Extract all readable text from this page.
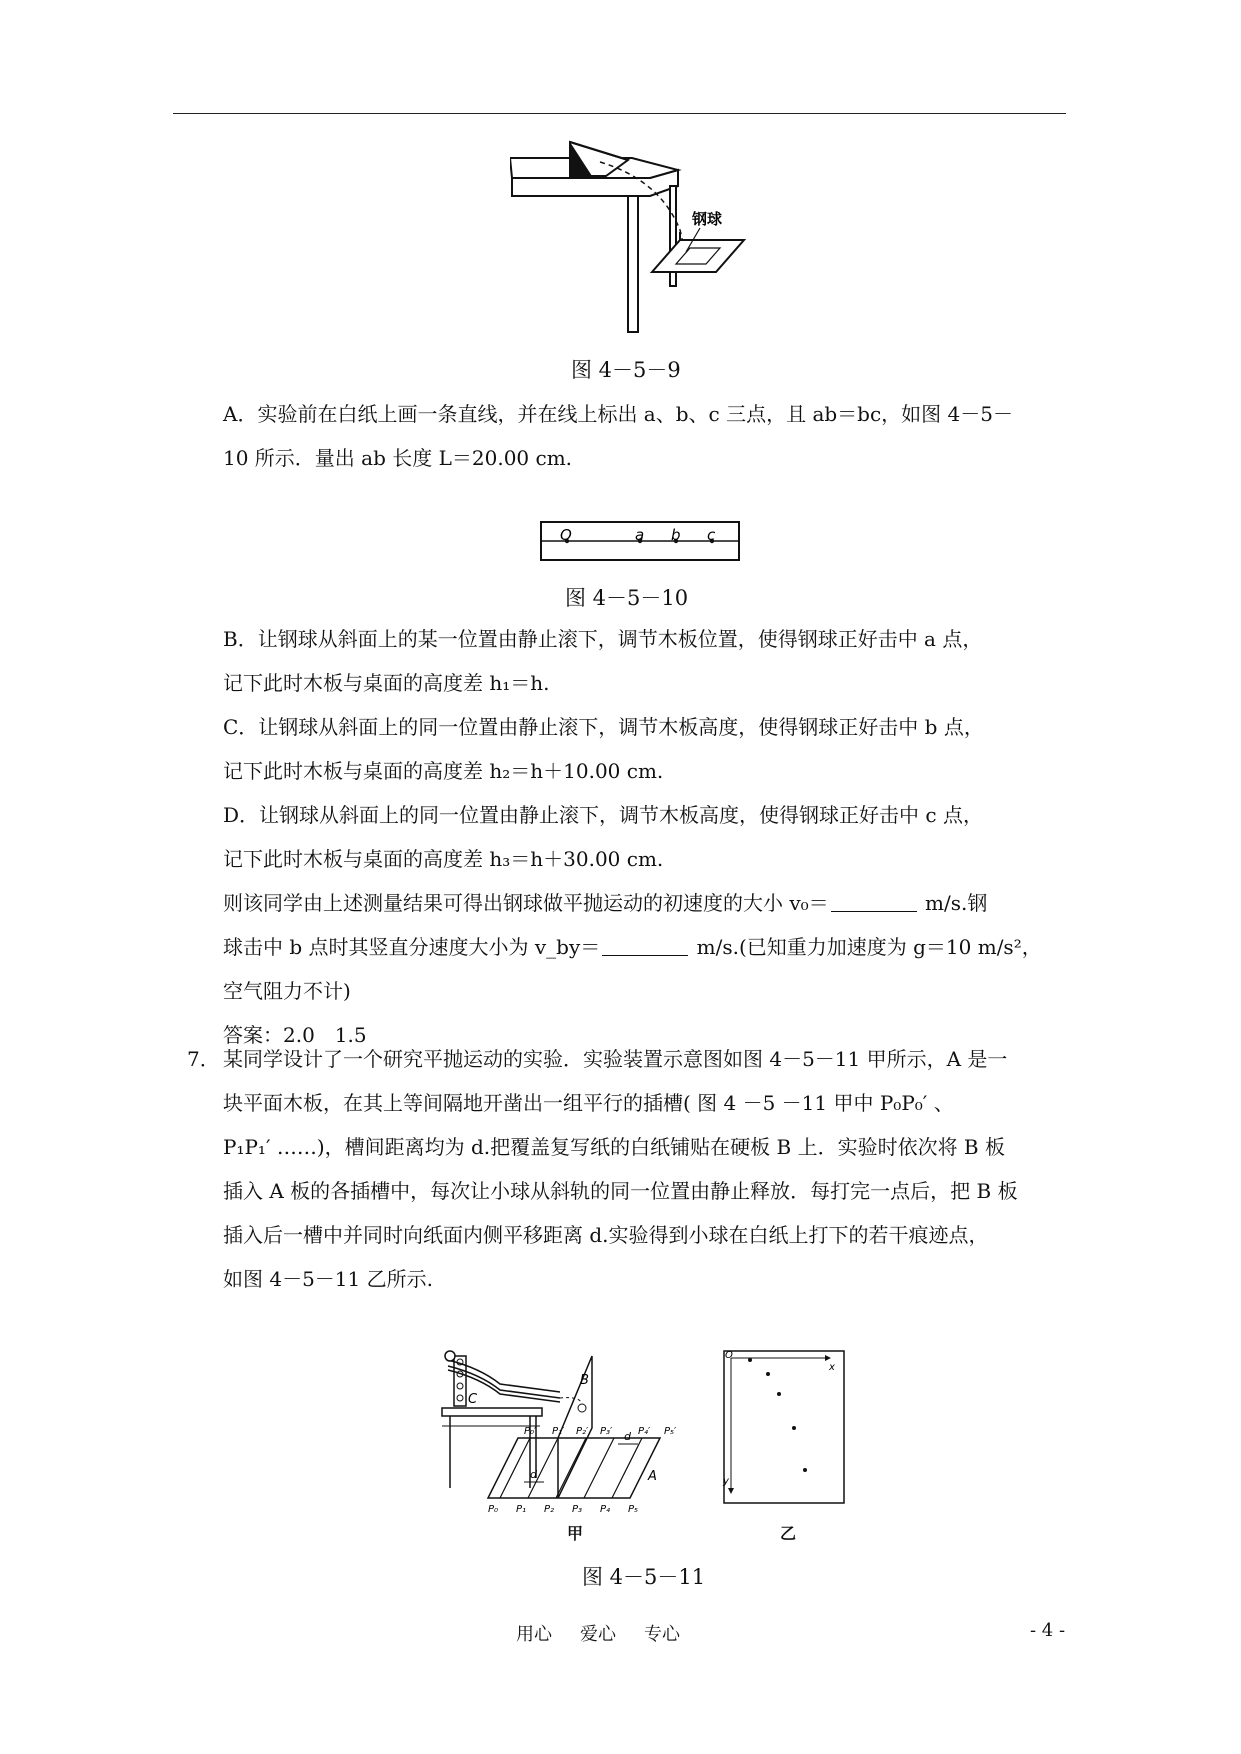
钢球
图 4－5－9
A．实验前在白纸上画一条直线，并在线上标出 a、b、c 三点，且 ab＝bc，如图 4－5－
10 所示．量出 ab 长度 L＝20.00 cm.
O	a b c
图 4－5－10
B．让钢球从斜面上的某一位置由静止滚下，调节木板位置，使得钢球正好击中 a 点，
记下此时木板与桌面的高度差 h₁＝h.
C．让钢球从斜面上的同一位置由静止滚下，调节木板高度，使得钢球正好击中 b 点，
记下此时木板与桌面的高度差 h₂＝h＋10.00 cm.
D．让钢球从斜面上的同一位置由静止滚下，调节木板高度，使得钢球正好击中 c 点，
记下此时木板与桌面的高度差 h₃＝h＋30.00 cm.
则该同学由上述测量结果可得出钢球做平抛运动的初速度的大小 v₀＝	m/s.钢
球击中 b 点时其竖直分速度大小为 v_by＝	m/s.(已知重力加速度为 g＝10 m/s²，
空气阻力不计)
答案：2.0　1.5
7． 某同学设计了一个研究平抛运动的实验．实验装置示意图如图 4－5－11 甲所示，A 是一
块平面木板，在其上等间隔地开凿出一组平行的插槽( 图 4 －5 －11 甲中 P₀P₀′ 、
P₁P₁′ ……)，槽间距离均为 d.把覆盖复写纸的白纸铺贴在硬板 B 上．实验时依次将 B 板
插入 A 板的各插槽中，每次让小球从斜轨的同一位置由静止释放．每打完一点后，把 B 板
插入后一槽中并同时向纸面内侧平移距离 d.实验得到小球在白纸上打下的若干痕迹点，
如图 4－5－11 乙所示.
C
B
A
d
d
P₀ P₁ P₂ P₃ P₄ P₅
P₀′ P₁′ P₂′ P₃′	P₄′ P₅′
甲
O
x
y
乙
图 4－5－11
用心 爱心 专心	- 4 -
